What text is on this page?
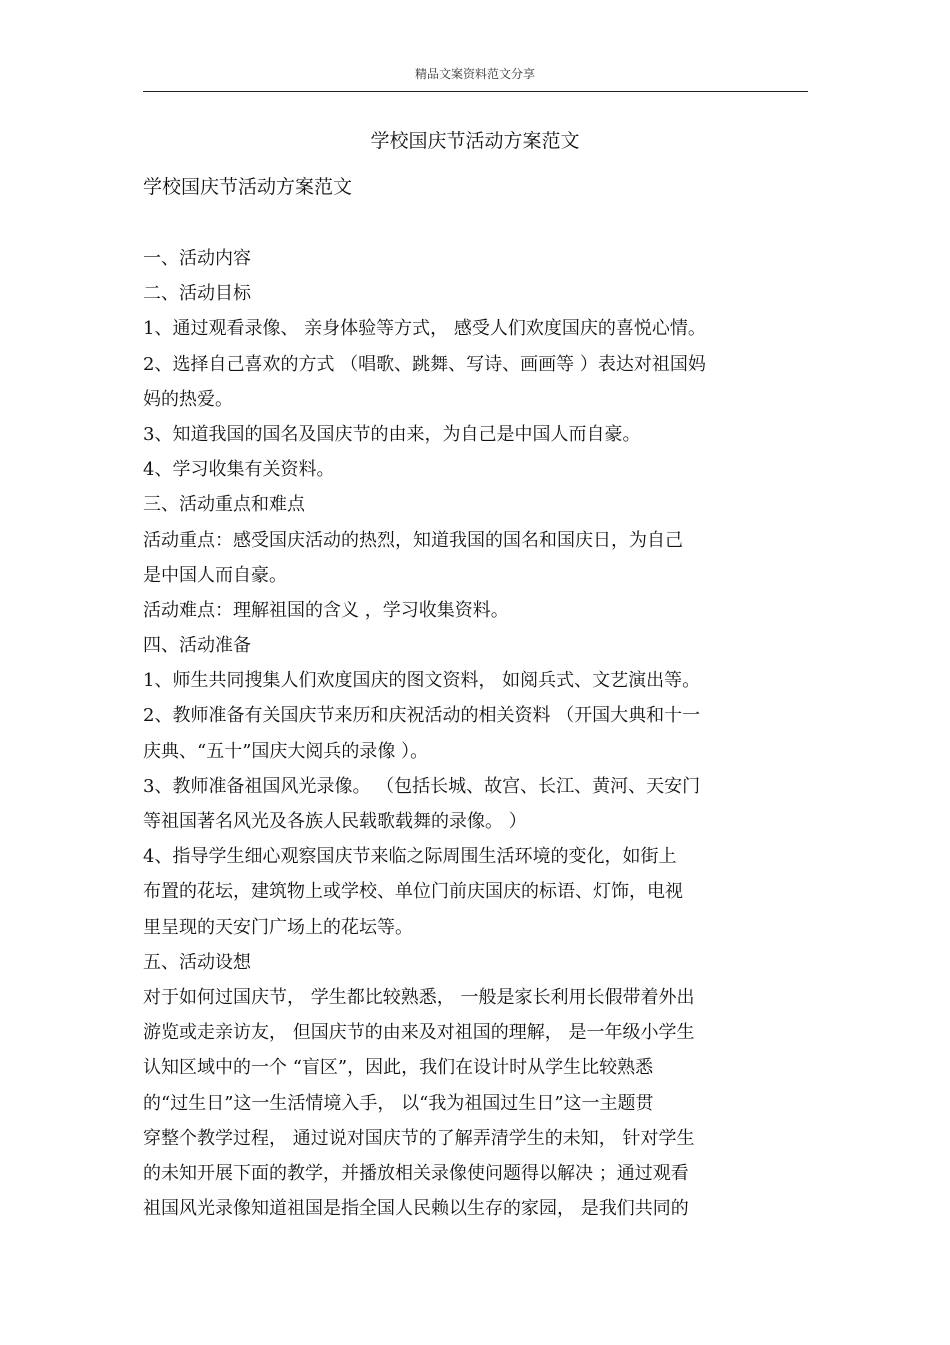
精品文案资料范文分享
学校国庆节活动方案范文
学校国庆节活动方案范文
一、活动内容
二、活动目标
1、通过观看录像、 亲身体验等方式， 感受人们欢度国庆的喜悦心情。
2、选择自己喜欢的方式 （唱歌、跳舞、写诗、画画等 ）表达对祖国妈
妈的热爱。
3、知道我国的国名及国庆节的由来，为自己是中国人而自豪。
4、学习收集有关资料。
三、活动重点和难点
活动重点：感受国庆活动的热烈，知道我国的国名和国庆日，为自己
是中国人而自豪。
活动难点：理解祖国的含义 ，学习收集资料。
四、活动准备
1、师生共同搜集人们欢度国庆的图文资料， 如阅兵式、文艺演出等。
2、教师准备有关国庆节来历和庆祝活动的相关资料 （开国大典和十一
庆典、“五十”国庆大阅兵的录像 ）。
3、教师准备祖国风光录像。 （包括长城、故宫、长江、黄河、天安门
等祖国著名风光及各族人民载歌载舞的录像。 ）
4、指导学生细心观察国庆节来临之际周围生活环境的变化，如街上
布置的花坛，建筑物上或学校、单位门前庆国庆的标语、灯饰，电视
里呈现的天安门广场上的花坛等。
五、活动设想
对于如何过国庆节， 学生都比较熟悉， 一般是家长利用长假带着外出
游览或走亲访友， 但国庆节的由来及对祖国的理解， 是一年级小学生
认知区域中的一个 “盲区”，因此，我们在设计时从学生比较熟悉
的“过生日”这一生活情境入手， 以“我为祖国过生日”这一主题贯
穿整个教学过程， 通过说对国庆节的了解弄清学生的未知， 针对学生
的未知开展下面的教学，并播放相关录像使问题得以解决 ；通过观看
祖国风光录像知道祖国是指全国人民赖以生存的家园， 是我们共同的
